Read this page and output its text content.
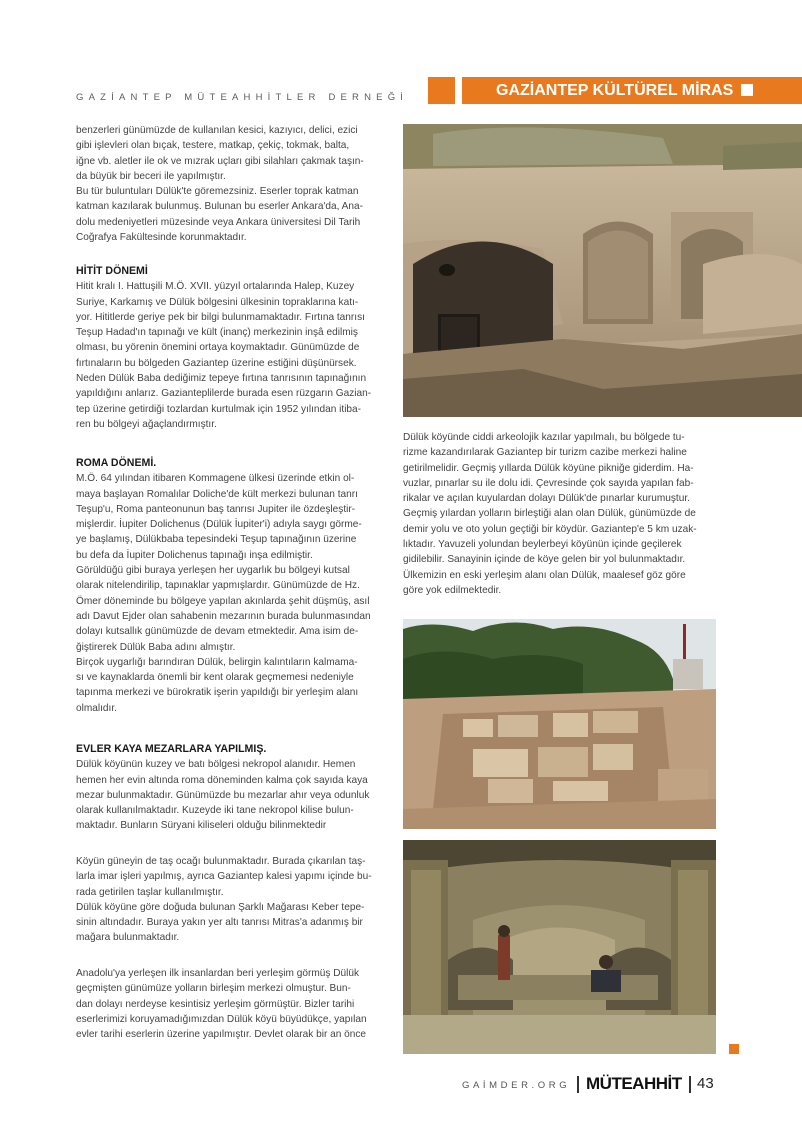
GAZİANTEP MÜTEAHHİTLER DERNEĞİ	GAZİANTEP KÜLTÜREL MİRAS
benzerleri günümüzde de kullanılan kesici, kazıyıcı, delici, ezici
gibi işlevleri olan bıçak, testere, matkap, çekiç, tokmak, balta,
iğne vb. aletler ile ok ve mızrak uçları gibi silahları çakmak taşın-
da büyük bir beceri ile yapılmıştır.
Bu tür buluntuları Dülük'te göremezsiniz. Eserler toprak katman
katman kazılarak bulunmuş. Bulunan bu eserler Ankara'da, Ana-
dolu medeniyetleri müzesinde veya Ankara üniversitesi Dil Tarih
Coğrafya Fakültesinde korunmaktadır.
HİTİT DÖNEMİ
Hitit kralı I. Hattuşili M.Ö. XVII. yüzyıl ortalarında Halep, Kuzey
Suriye, Karkamış ve Dülük bölgesini ülkesinin topraklarına katı-
yor. Hititlerde geriye pek bir bilgi bulunmamaktadır. Fırtına tanrısı
Teşup Hadad'ın tapınağı ve kült (inanç) merkezinin inşâ edilmiş
olması, bu yörenin önemini ortaya koymaktadır. Günümüzde de
fırtınaların bu bölgeden Gaziantep üzerine estiğini düşünürsek.
Neden Dülük Baba dediğimiz tepeye fırtına tanrısının tapınağının
yapıldığını anlarız. Gazianteplilerde burada esen rüzgarın Gazian-
tep üzerine getirdiği tozlardan kurtulmak için 1952 yılından itiba-
ren bu bölgeyi ağaçlandırmıştır.
ROMA DÖNEMİ.
M.Ö. 64 yılından itibaren Kommagene ülkesi üzerinde etkin ol-
maya başlayan Romalılar Doliche'de kült merkezi bulunan tanrı
Teşup'u, Roma panteonunun baş tanrısı Jupiter ile özdeşleştir-
mişlerdir. İupiter Dolichenus (Dülük İupiter'i) adıyla saygı görme-
ye başlamış, Dülükbaba tepesindeki Teşup tapınağının üzerine
bu defa da İupiter Dolichenus tapınağı inşa edilmiştir.
Görüldüğü gibi buraya yerleşen her uygarlık bu bölgeyi kutsal
olarak nitelendirilip, tapınaklar yapmışlardır. Günümüzde de Hz.
Ömer döneminde bu bölgeye yapılan akınlarda şehit düşmüş, asıl
adı Davut Ejder olan sahabenin mezarının burada bulunmasından
dolayı kutsallık günümüzde de devam etmektedir. Ama isim de-
ğiştirerek Dülük Baba adını almıştır.
Birçok uygarlığı barındıran Dülük, belirgin kalıntıların kalmama-
sı ve kaynaklarda önemli bir kent olarak geçmemesi nedeniyle
tapınma merkezi ve bürokratik işerin yapıldığı bir yerleşim alanı
olmalıdır.
EVLER KAYA MEZARLARA YAPILMIŞ.
Dülük köyünün kuzey ve batı bölgesi nekropol alanıdır. Hemen
hemen her evin altında roma döneminden kalma çok sayıda kaya
mezar bulunmaktadır. Günümüzde bu mezarlar ahır veya odunluk
olarak kullanılmaktadır. Kuzeyde iki tane nekropol kilise bulun-
maktadır. Bunların Süryani kiliseleri olduğu bilinmektedir
Köyün güneyin de taş ocağı bulunmaktadır. Burada çıkarılan taş-
larla imar işleri yapılmış, ayrıca Gaziantep kalesi yapımı içinde bu-
rada getirilen taşlar kullanılmıştır.
Dülük köyüne göre doğuda bulunan Şarklı Mağarası Keber tepe-
sinin altındadır. Buraya yakın yer altı tanrısı Mitras'a adanmış bir
mağara bulunmaktadır.
Anadolu'ya yerleşen ilk insanlardan beri yerleşim görmüş Dülük
geçmişten günümüze yolların birleşim merkezi olmuştur. Bun-
dan dolayı nerdeyse kesintisiz yerleşim görmüştür. Bizler tarihi
eserlerimizi koruyamadığımızdan Dülük köyü büyüdükçe, yapılan
evler tarihi eserlerin üzerine yapılmıştır. Devlet olarak bir an önce
Dülük köyünde ciddi arkeolojik kazılar yapılmalı, bu bölgede tu-
rizme kazandırılarak Gaziantep bir turizm cazibe merkezi haline
getirilmelidir. Geçmiş yıllarda Dülük köyüne pikniğe giderdim. Ha-
vuzlar, pınarlar su ile dolu idi. Çevresinde çok sayıda yapılan fab-
rikalar ve açılan kuyulardan dolayı Dülük'de pınarlar kurumuştur.
Geçmiş yılardan yolların birleştiği alan olan Dülük, günümüzde de
demir yolu ve oto yolun geçtiği bir köydür. Gaziantep'e 5 km uzak-
lıktadır. Yavuzeli yolundan beylerbeyi köyünün içinde geçilerek
gidilebilir. Sanayinin içinde de köye gelen bir yol bulunmaktadır.
Ülkemizin en eski yerleşim alanı olan Dülük, maalesef göz göre
göre yok edilmektedir.
GAİMDER.ORG MÜTEAHHİT 43
